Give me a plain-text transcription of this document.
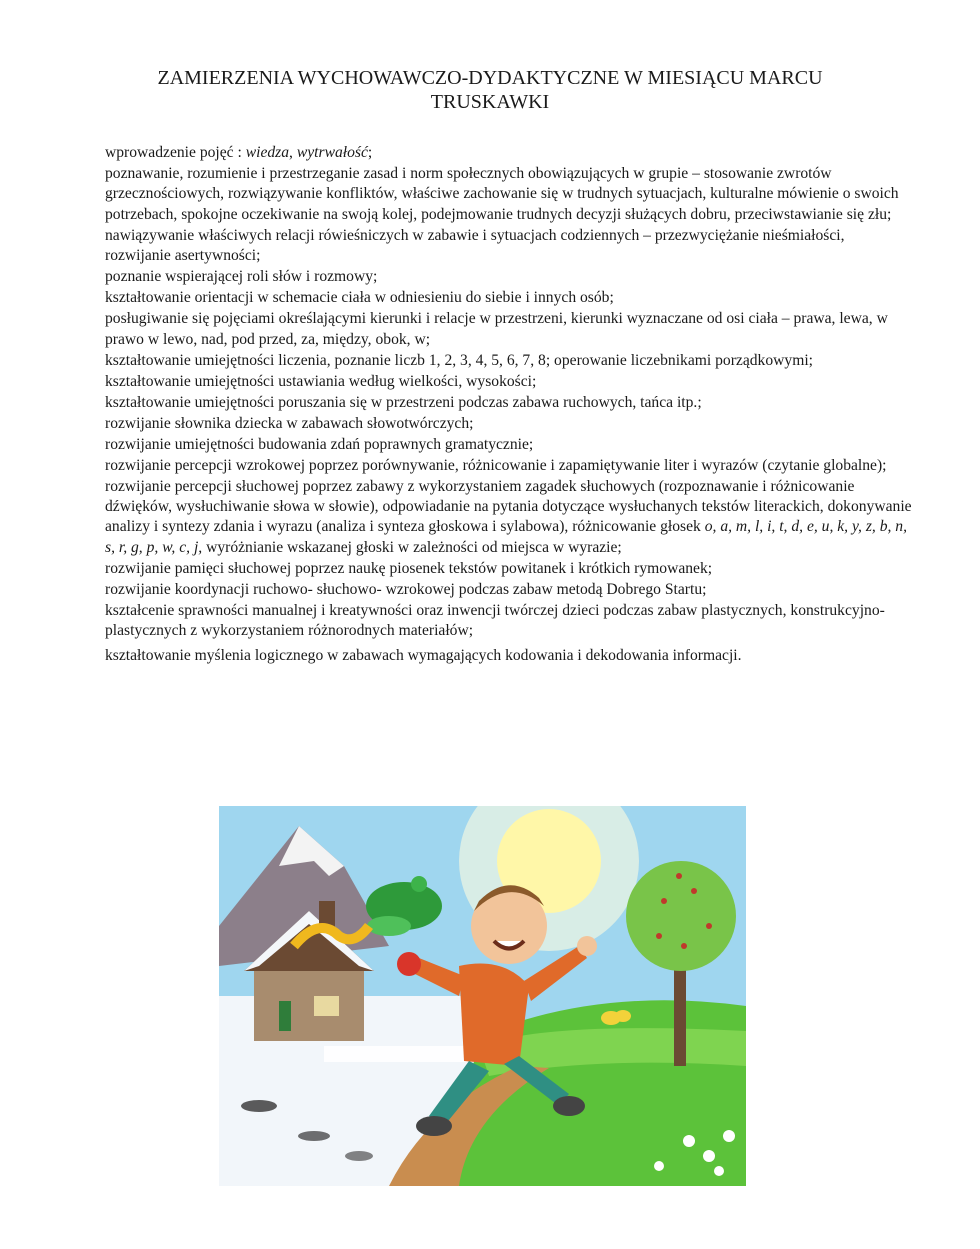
ZAMIERZENIA WYCHOWAWCZO-DYDAKTYCZNE W MIESIĄCU MARCU
TRUSKAWKI
wprowadzenie pojęć : wiedza, wytrwałość;
poznawanie, rozumienie i przestrzeganie zasad i norm społecznych obowiązujących w grupie – stosowanie zwrotów grzecznościowych, rozwiązywanie konfliktów, właściwe zachowanie się w trudnych sytuacjach, kulturalne mówienie o swoich potrzebach, spokojne oczekiwanie na swoją kolej, podejmowanie trudnych decyzji służących dobru, przeciwstawianie się złu;
nawiązywanie właściwych relacji rówieśniczych w zabawie i sytuacjach codziennych – przezwyciężanie nieśmiałości, rozwijanie asertywności;
poznanie wspierającej roli słów i rozmowy;
kształtowanie orientacji w schemacie ciała w odniesieniu do siebie i innych osób;
posługiwanie się pojęciami określającymi kierunki i relacje w przestrzeni, kierunki wyznaczane od osi ciała – prawa, lewa, w prawo w lewo, nad, pod przed, za, między, obok, w;
kształtowanie umiejętności liczenia, poznanie liczb 1, 2, 3, 4, 5, 6, 7, 8; operowanie liczebnikami porządkowymi;
kształtowanie umiejętności ustawiania według wielkości, wysokości;
kształtowanie umiejętności poruszania się w przestrzeni podczas zabawa ruchowych, tańca itp.;
rozwijanie słownika dziecka w zabawach słowotwórczych;
rozwijanie umiejętności budowania zdań poprawnych gramatycznie;
rozwijanie percepcji wzrokowej poprzez porównywanie, różnicowanie i zapamiętywanie liter i wyrazów (czytanie globalne);
rozwijanie percepcji słuchowej poprzez zabawy z wykorzystaniem zagadek słuchowych (rozpoznawanie i różnicowanie dźwięków, wysłuchiwanie słowa w słowie), odpowiadanie na pytania dotyczące wysłuchanych tekstów literackich, dokonywanie analizy i syntezy zdania i wyrazu (analiza i synteza głoskowa i sylabowa), różnicowanie głosek o, a, m, l, i, t, d, e, u, k, y, z, b, n, s, r, g, p, w, c, j, wyróżnianie wskazanej głoski w zależności od miejsca w wyrazie;
rozwijanie pamięci słuchowej poprzez naukę piosenek tekstów powitanek i krótkich rymowanek;
rozwijanie koordynacji ruchowo- słuchowo- wzrokowej podczas zabaw metodą Dobrego Startu;
kształcenie sprawności manualnej i kreatywności oraz inwencji twórczej dzieci podczas zabaw plastycznych, konstrukcyjno-plastycznych z wykorzystaniem różnorodnych materiałów;
kształtowanie myślenia logicznego w zabawach wymagających kodowania i dekodowania informacji.
